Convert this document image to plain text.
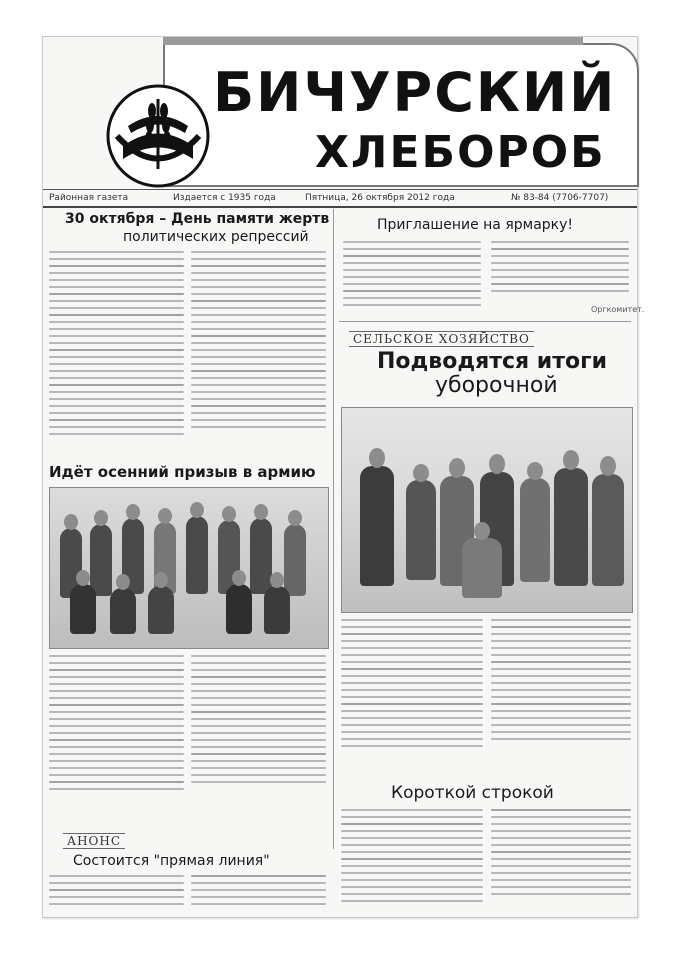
БИЧУРСКИЙ
ХЛЕБОРОБ
Районная газета	Издается с 1935 года	Пятница, 26 октября 2012 года	№ 83-84 (7706-7707)
30 октября – День памяти жертв
политических репрессий
Идёт осенний призыв в армию
АНОНС
Состоится "прямая линия"
Приглашение на ярмарку!
Оргкомитет.
СЕЛЬСКОЕ ХОЗЯЙСТВО
Подводятся итоги
уборочной
Короткой строкой
